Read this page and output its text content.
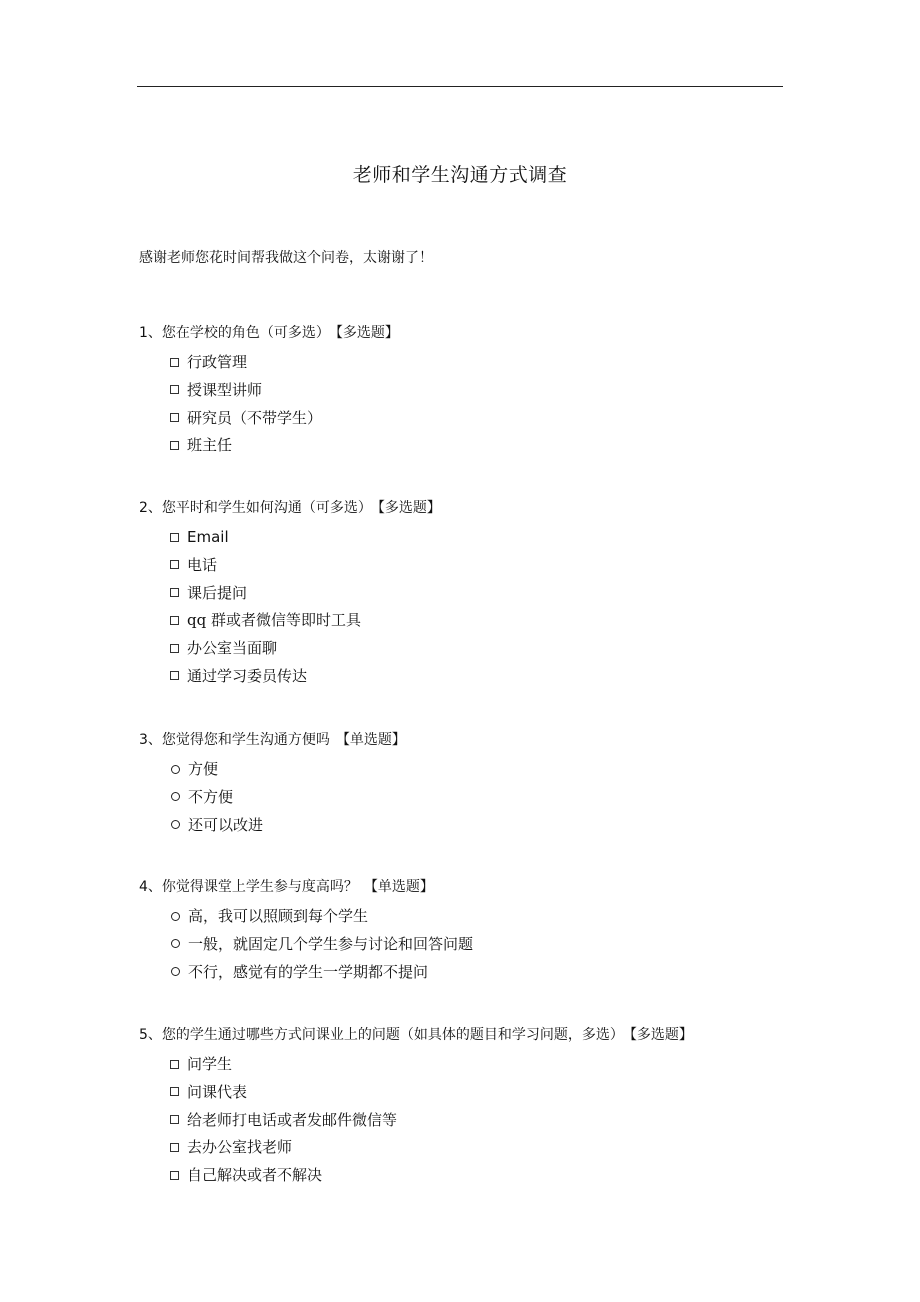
老师和学生沟通方式调查
感谢老师您花时间帮我做这个问卷，太谢谢了！
1、您在学校的角色（可多选） 【多选题】
行政管理
授课型讲师
研究员（不带学生）
班主任
2、您平时和学生如何沟通（可多选） 【多选题】
Email
电话
课后提问
qq 群或者微信等即时工具
办公室当面聊
通过学习委员传达
3、您觉得您和学生沟通方便吗 【单选题】
方便
不方便
还可以改进
4、你觉得课堂上学生参与度高吗？ 【单选题】
高，我可以照顾到每个学生
一般，就固定几个学生参与讨论和回答问题
不行，感觉有的学生一学期都不提问
5、您的学生通过哪些方式问课业上的问题（如具体的题目和学习问题，多选） 【多选题】
问学生
问课代表
给老师打电话或者发邮件微信等
去办公室找老师
自己解决或者不解决
